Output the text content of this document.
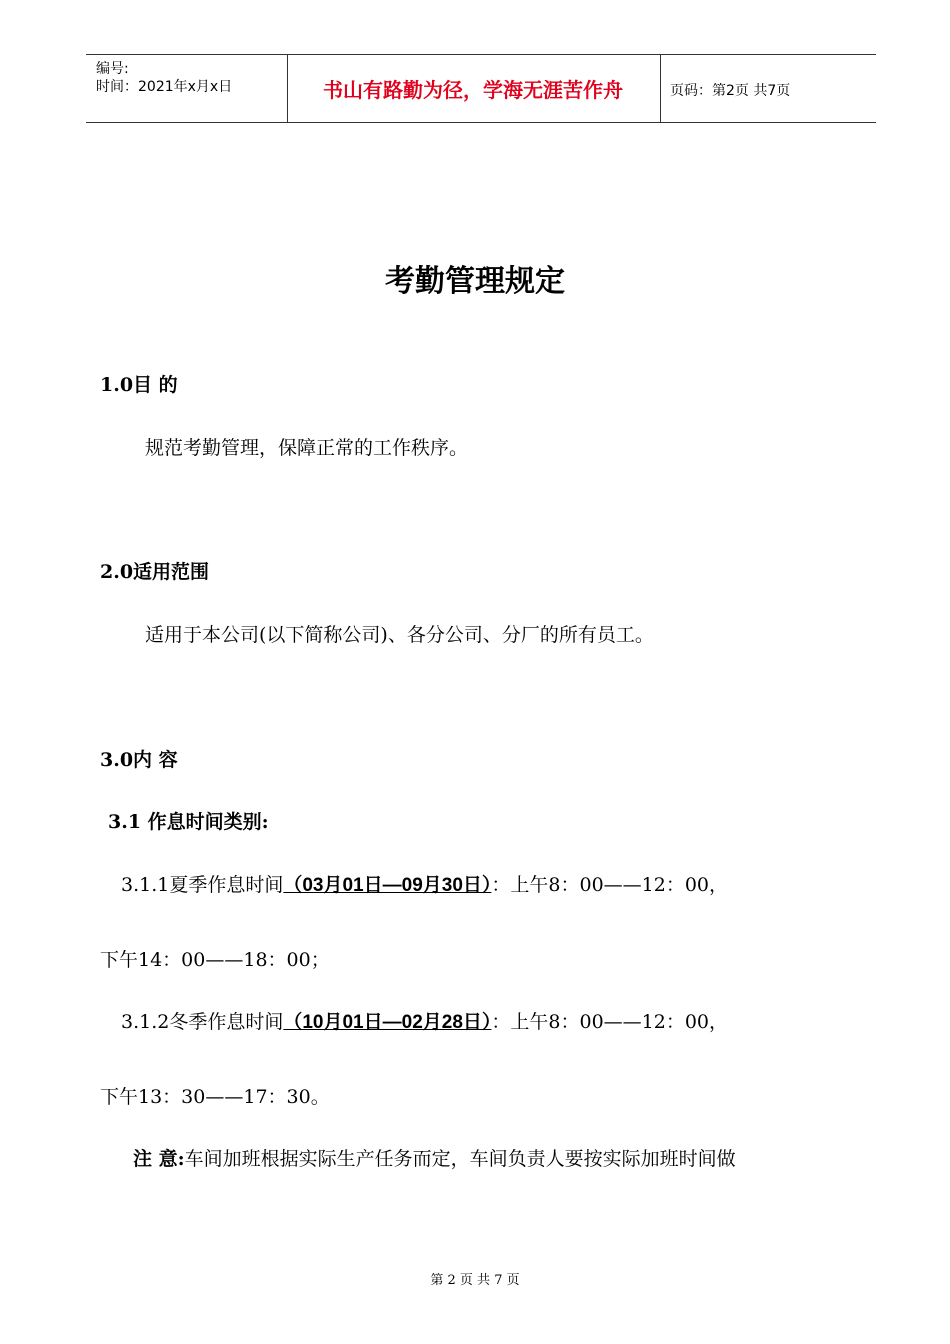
编号:
时间：2021年x月x日	书山有路勤为径，学海无涯苦作舟	页码：第2页 共7页
考勤管理规定
1.0目 的
规范考勤管理，保障正常的工作秩序。
2.0适用范围
适用于本公司(以下简称公司)、各分公司、分厂的所有员工。
3.0内 容
3.1 作息时间类别:
3.1.1夏季作息时间（03月01日—09月30日）：上午8：00——12：00，
下午14：00——18：00；
3.1.2冬季作息时间（10月01日—02月28日）：上午8：00——12：00，
下午13：30——17：30。
注 意:车间加班根据实际生产任务而定，车间负责人要按实际加班时间做
第 2 页 共 7 页
